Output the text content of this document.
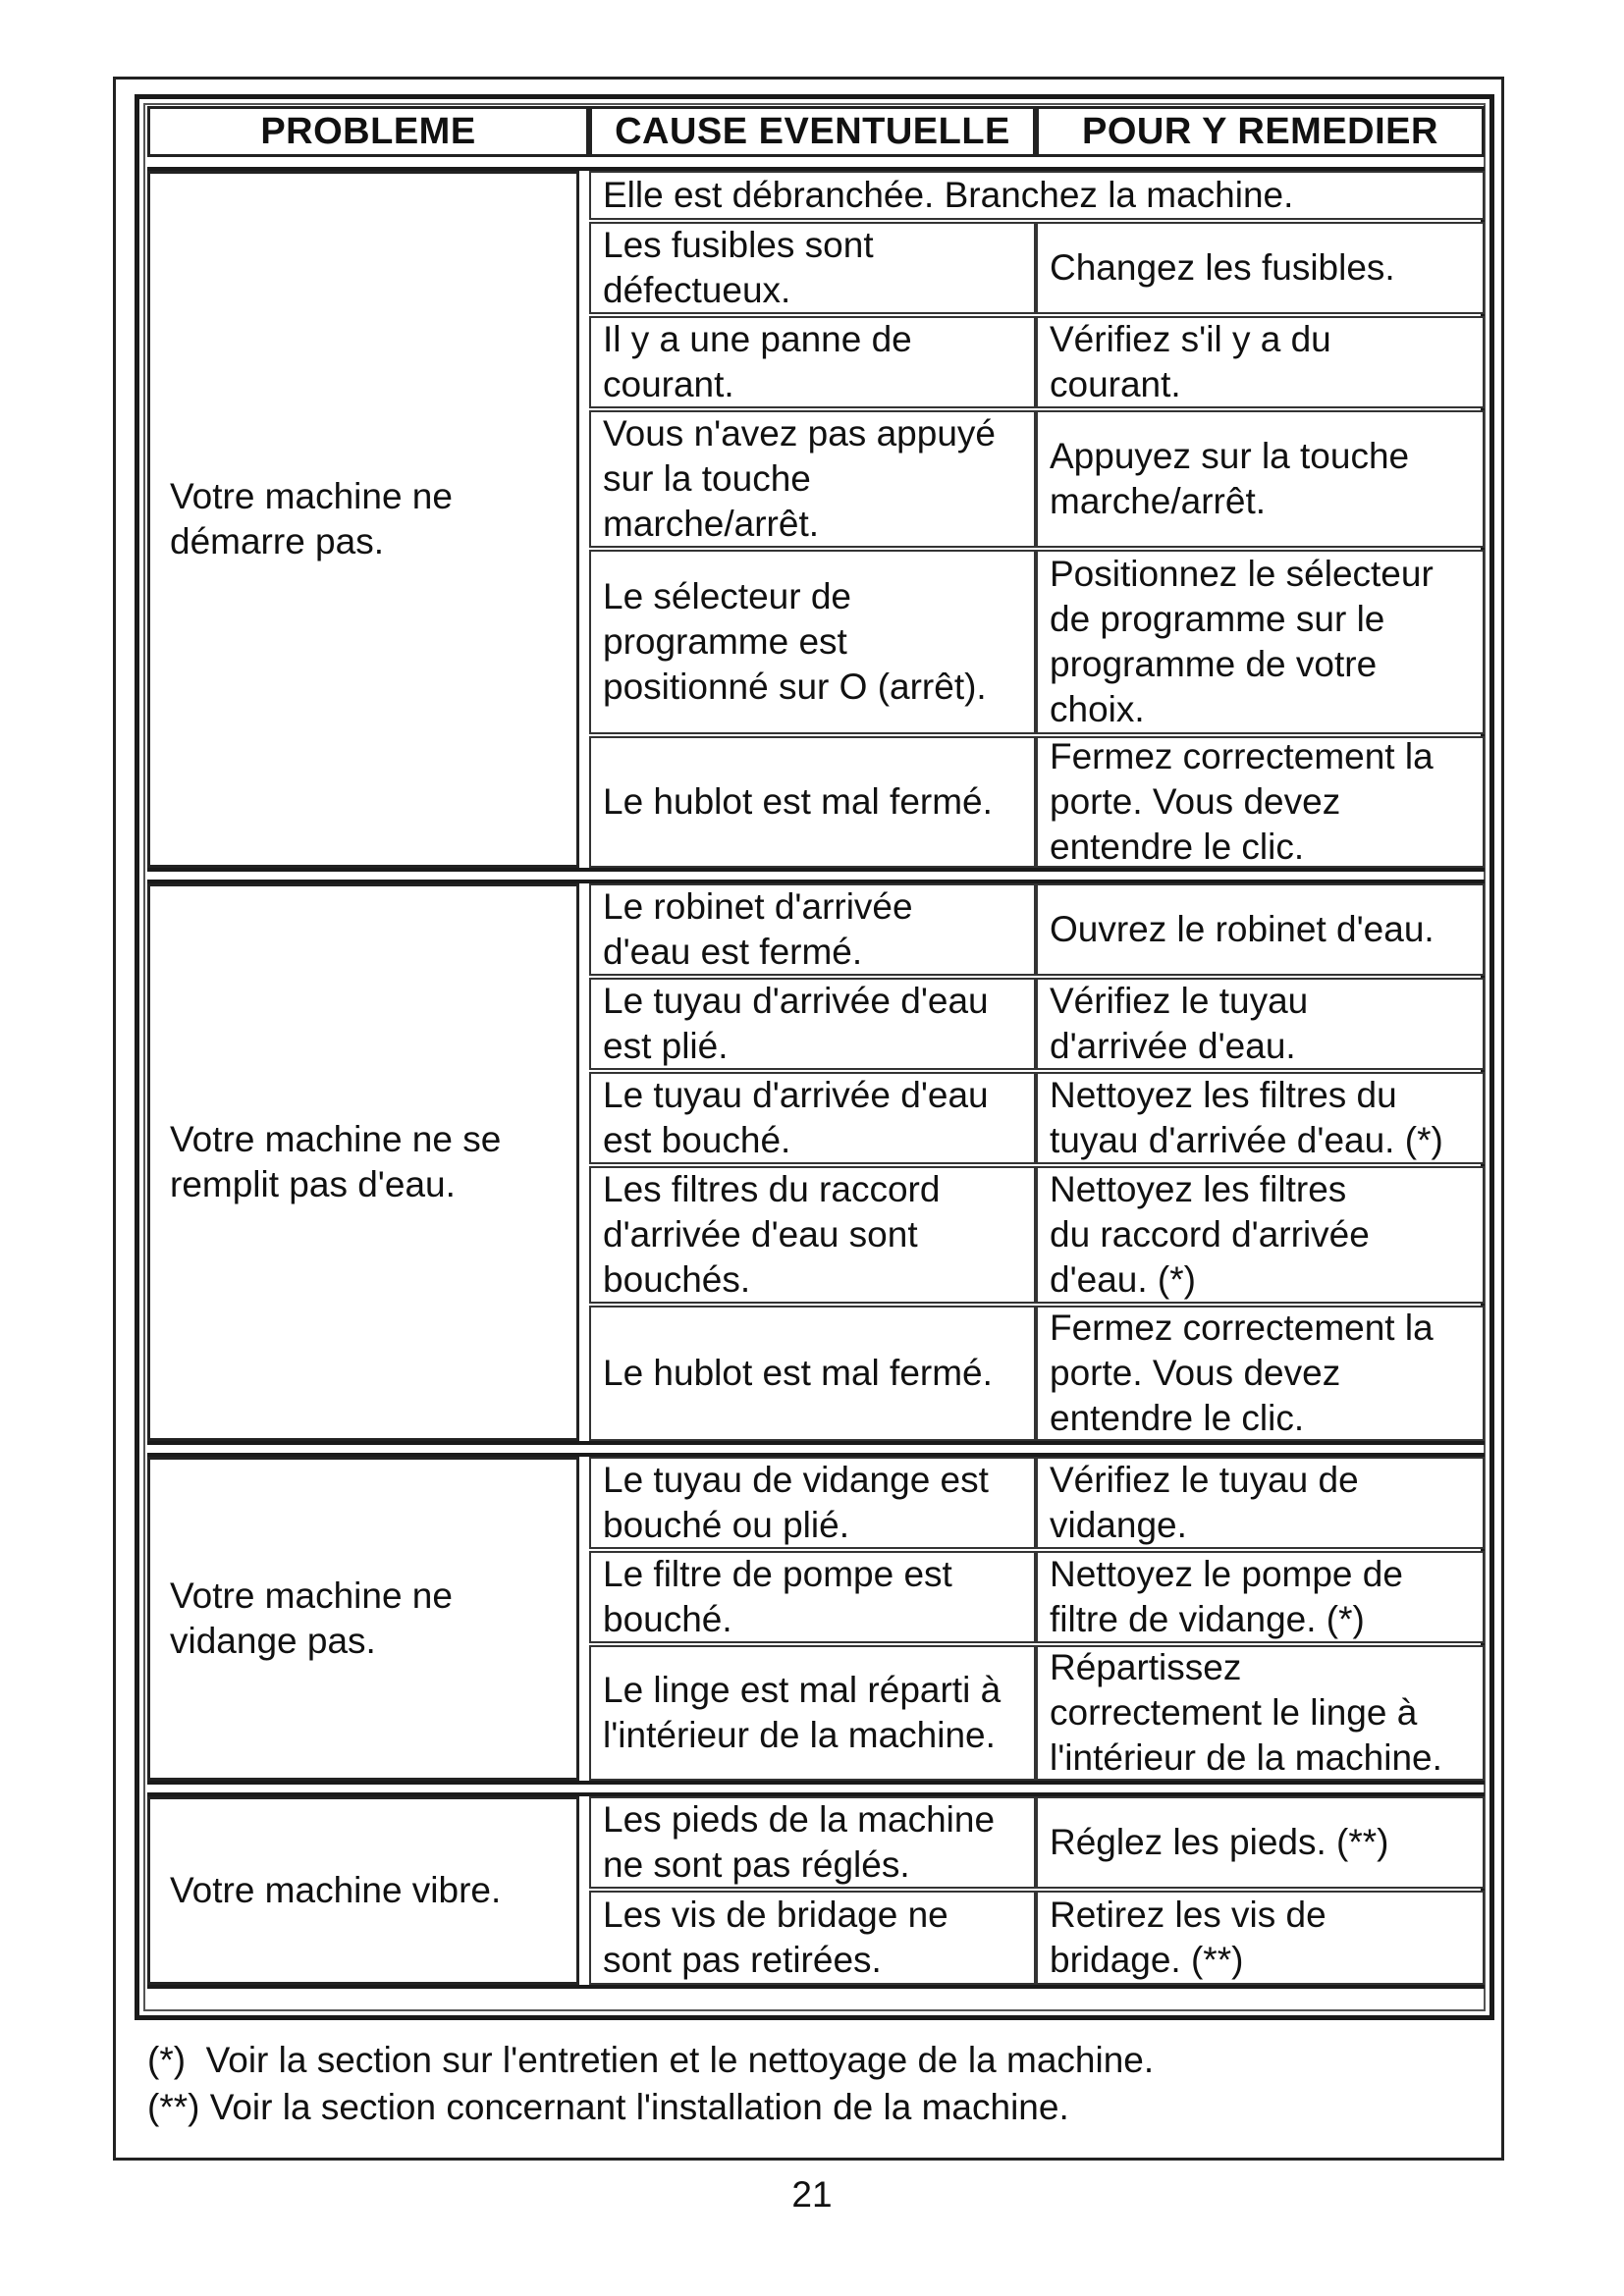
PROBLEME	CAUSE EVENTUELLE	POUR Y REMEDIER
Votre machine ne démarre pas.
Elle est débranchée. Branchez la machine.
Les fusibles sont
défectueux.
Changez les fusibles.
Il y a une panne de
courant.
Vérifiez s'il y a du
courant.
Vous n'avez pas appuyé
sur la touche
marche/arrêt.
Appuyez sur la touche
marche/arrêt.
Le sélecteur de
programme est
positionné sur O (arrêt).
Positionnez le sélecteur
de programme sur le
programme de votre
choix.
Le hublot est mal fermé.
Fermez correctement la
porte. Vous devez
entendre le clic.
Votre machine ne se remplit pas d'eau.
Le robinet d'arrivée
d'eau est fermé.
Ouvrez le robinet d'eau.
Le tuyau d'arrivée d'eau
est plié.
Vérifiez le tuyau
d'arrivée d'eau.
Le tuyau d'arrivée d'eau
est bouché.
Nettoyez les filtres du
tuyau d'arrivée d'eau. (*)
Les filtres du raccord
d'arrivée d'eau sont
bouchés.
Nettoyez les filtres
du raccord d'arrivée
d'eau. (*)
Le hublot est mal fermé.
Fermez correctement la
porte. Vous devez
entendre le clic.
Votre machine ne vidange pas.
Le tuyau de vidange est
bouché ou plié.
Vérifiez le tuyau de
vidange.
Le filtre de pompe est
bouché.
Nettoyez le pompe de
filtre de vidange. (*)
Le linge est mal réparti à
l'intérieur de la machine.
Répartissez
correctement le linge à
l'intérieur de la machine.
Votre machine vibre.
Les pieds de la machine
ne sont pas réglés.
Réglez les pieds. (**)
Les vis de bridage ne
sont pas retirées.
Retirez les vis de
bridage. (**)
(*)  Voir la section sur l'entretien et le nettoyage de la machine.
(**) Voir la section concernant l'installation de la machine.
21
